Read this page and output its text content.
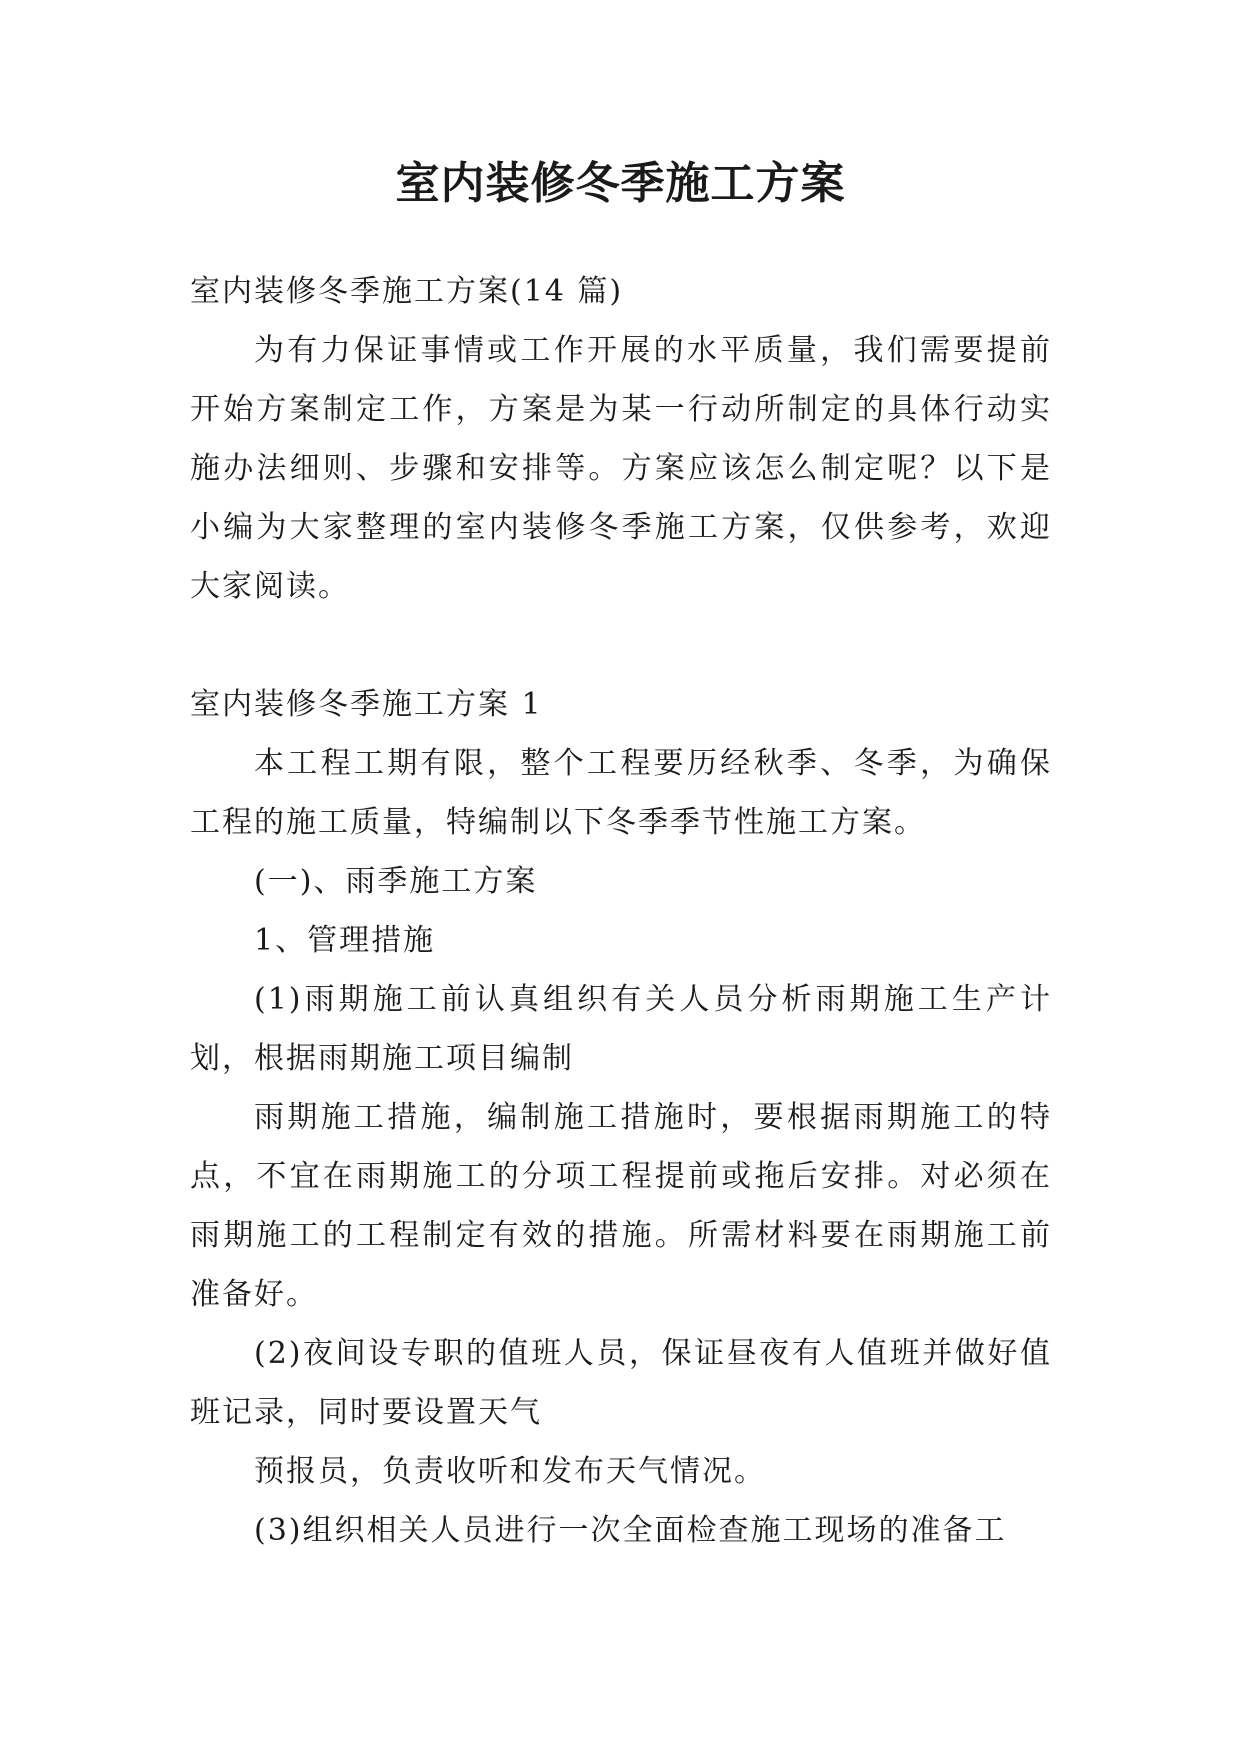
室内装修冬季施工方案

室内装修冬季施工方案(14 篇)

为有力保证事情或工作开展的水平质量，我们需要提前开始方案制定工作，方案是为某一行动所制定的具体行动实施办法细则、步骤和安排等。方案应该怎么制定呢？以下是小编为大家整理的室内装修冬季施工方案，仅供参考，欢迎大家阅读。

室内装修冬季施工方案 1

本工程工期有限，整个工程要历经秋季、冬季，为确保工程的施工质量，特编制以下冬季季节性施工方案。

(一)、雨季施工方案

1、管理措施

(1)雨期施工前认真组织有关人员分析雨期施工生产计划，根据雨期施工项目编制

雨期施工措施，编制施工措施时，要根据雨期施工的特点，不宜在雨期施工的分项工程提前或拖后安排。对必须在雨期施工的工程制定有效的措施。所需材料要在雨期施工前准备好。

(2)夜间设专职的值班人员，保证昼夜有人值班并做好值班记录，同时要设置天气

预报员，负责收听和发布天气情况。

(3)组织相关人员进行一次全面检查施工现场的准备工
